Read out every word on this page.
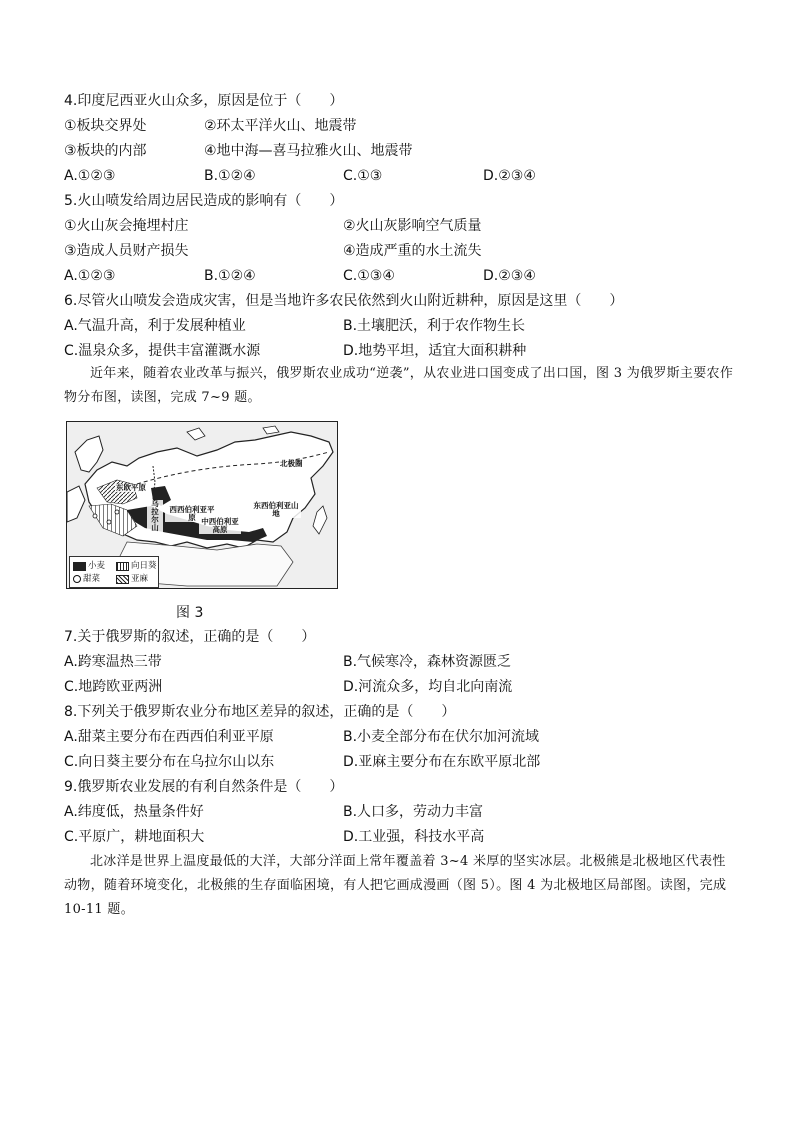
4.印度尼西亚火山众多，原因是位于（　　）
①板块交界处	②环太平洋火山、地震带
③板块的内部	④地中海—喜马拉雅火山、地震带
A.①②③	B.①②④	C.①③	D.②③④
5.火山喷发给周边居民造成的影响有（　　）
①火山灰会掩埋村庄	②火山灰影响空气质量
③造成人员财产损失	④造成严重的水土流失
A.①②③	B.①②④	C.①③④	D.②③④
6.尽管火山喷发会造成灾害，但是当地许多农民依然到火山附近耕种，原因是这里（　　）
A.气温升高，利于发展种植业	B.土壤肥沃，利于农作物生长
C.温泉众多，提供丰富灌溉水源	D.地势平坦，适宜大面积耕种
近年来，随着农业改革与振兴，俄罗斯农业成功“逆袭”，从农业进口国变成了出口国，图 3 为俄罗斯主要农作物分布图，读图，完成 7~9 题。
东欧平原
乌拉尔山
西西伯利亚平原 中西伯利亚高原
东西伯利亚山地
北极圈
小麦	向日葵
甜菜	亚麻
图 3
7.关于俄罗斯的叙述，正确的是（　　）
A.跨寒温热三带	B.气候寒冷，森林资源匮乏
C.地跨欧亚两洲	D.河流众多，均自北向南流
8.下列关于俄罗斯农业分布地区差异的叙述，正确的是（　　）
A.甜菜主要分布在西西伯利亚平原	B.小麦全部分布在伏尔加河流域
C.向日葵主要分布在乌拉尔山以东	D.亚麻主要分布在东欧平原北部
9.俄罗斯农业发展的有利自然条件是（　　）
A.纬度低，热量条件好	B.人口多，劳动力丰富
C.平原广，耕地面积大	D.工业强，科技水平高
北冰洋是世界上温度最低的大洋，大部分洋面上常年覆盖着 3~4 米厚的坚实冰层。北极熊是北极地区代表性动物，随着环境变化，北极熊的生存面临困境，有人把它画成漫画（图 5）。图 4 为北极地区局部图。读图，完成 10-11 题。
